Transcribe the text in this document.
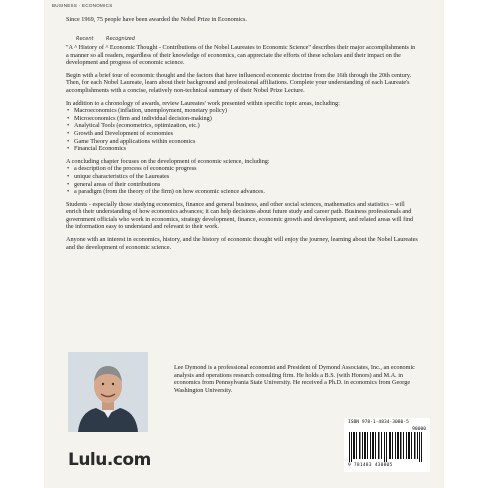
BUSINESS · ECONOMICS
Since 1969, 75 people have been awarded the Nobel Prize in Economics.
Recent Recognized
"A ^ History of ^ Economic Thought - Contributions of the Nobel Laureates to Economic Science" describes their major accomplishments in a manner so all readers, regardless of their knowledge of economics, can appreciate the efforts of these scholars and their impact on the development and progress of economic science.
Begin with a brief tour of economic thought and the factors that have influenced economic doctrine from the 16th through the 20th century. Then, for each Nobel Laureate, learn about their background and professional affiliations. Complete your understanding of each Laureate's accomplishments with a concise, relatively non-technical summary of their Nobel Prize Lecture.
In addition to a chronology of awards, review Laureates' work presented within specific topic areas, including:
• Macroeconomics (inflation, unemployment, monetary policy)
• Microeconomics (firm and individual decision-making)
• Analytical Tools (econometrics, optimization, etc.)
• Growth and Development of economies
• Game Theory and applications within economics
• Financial Economics
A concluding chapter focuses on the development of economic science, including:
• a description of the process of economic progress
• unique characteristics of the Laureates
• general areas of their contributions
• a paradigm (from the theory of the firm) on how economic science advances.
Students - especially those studying economics, finance and general business, and other social sciences, mathematics and statistics – will enrich their understanding of how economics advances; it can help decisions about future study and career path. Business professionals and government officials who work in economics, strategy development, finance, economic growth and development, and related areas will find the information easy to understand and relevant to their work.
Anyone with an interest in economics, history, and the history of economic thought will enjoy the journey, learning about the Nobel Laureates and the development of economic science.
Lee Dymond is a professional economist and President of Dymond Associates, Inc., an economic analysis and operations research consulting firm. He holds a B.S. (with Honors) and M.A. in economics from Pennsylvania State University. He received a Ph.D. in economics from George Washington University.
Lulu.com
ISBN 978-1-4834-3080-5
90000
9 781483 430805
